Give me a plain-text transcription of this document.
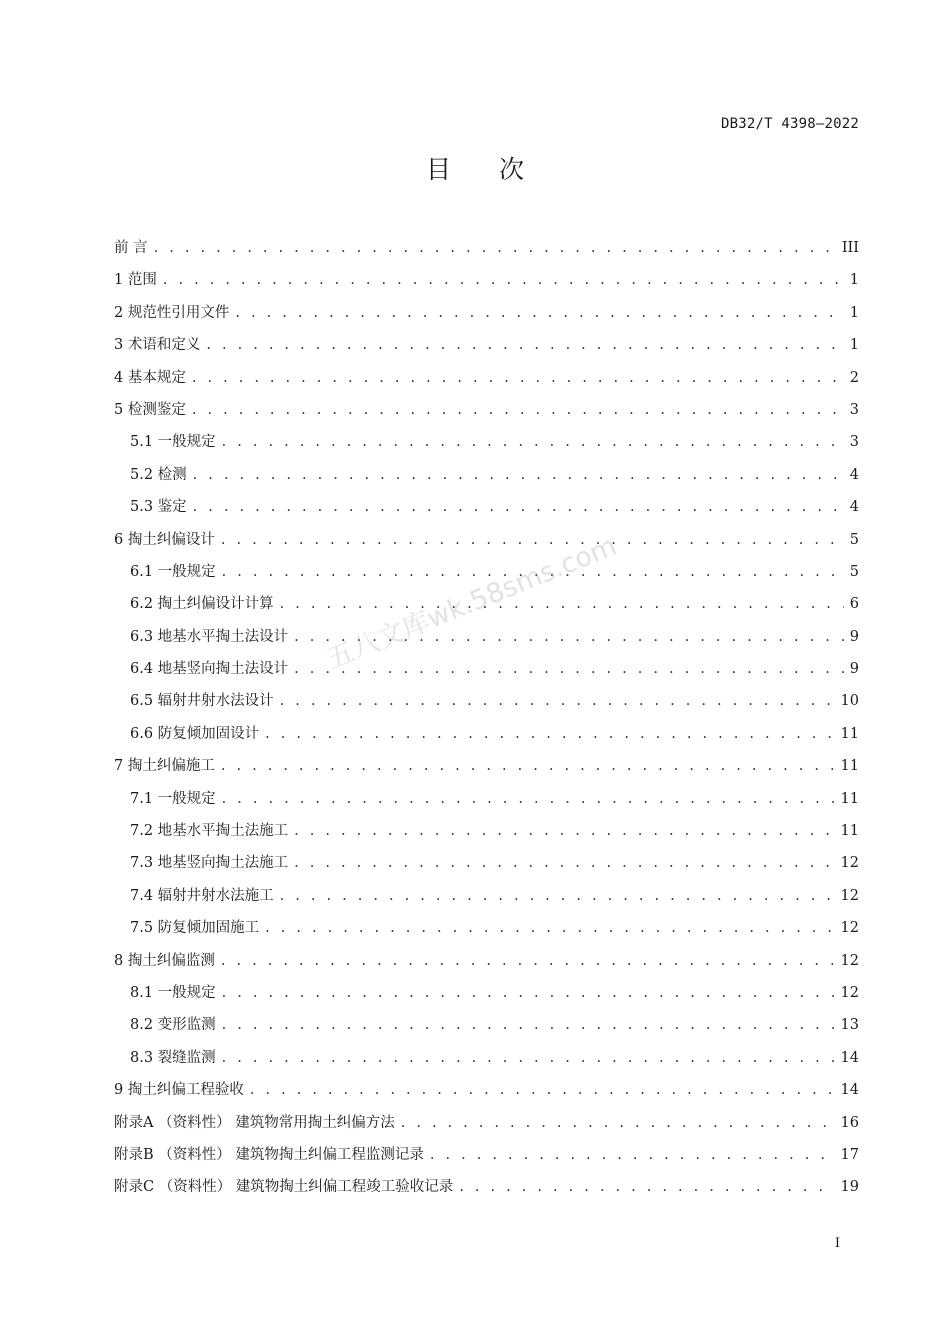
DB32/T 4398—2022
目 次
前 言 . . .	III
1 范围 . . .	1
2 规范性引用文件 . . .	1
3 术语和定义 . . .	1
4 基本规定 . . .	2
5 检测鉴定 . . .	3
5.1 一般规定 . . .	3
5.2 检测 . . .	4
5.3 鉴定 . . .	4
6 掏土纠偏设计 . . .	5
6.1 一般规定 . . .	5
6.2 掏土纠偏设计计算 . . .	6
6.3 地基水平掏土法设计 . . .	9
6.4 地基竖向掏土法设计 . . .	9
6.5 辐射井射水法设计 . . .	10
6.6 防复倾加固设计 . . .	11
7 掏土纠偏施工 . . .	11
7.1 一般规定 . . .	11
7.2 地基水平掏土法施工 . . .	11
7.3 地基竖向掏土法施工 . . .	12
7.4 辐射井射水法施工 . . .	12
7.5 防复倾加固施工 . . .	12
8 掏土纠偏监测 . . .	12
8.1 一般规定 . . .	12
8.2 变形监测 . . .	13
8.3 裂缝监测 . . .	14
9 掏土纠偏工程验收 . . .	14
附录A （资料性） 建筑物常用掏土纠偏方法 . . .	16
附录B （资料性） 建筑物掏土纠偏工程监测记录 . . .	17
附录C （资料性） 建筑物掏土纠偏工程竣工验收记录 . . .	19
五八文库wk.58sms.com
I
